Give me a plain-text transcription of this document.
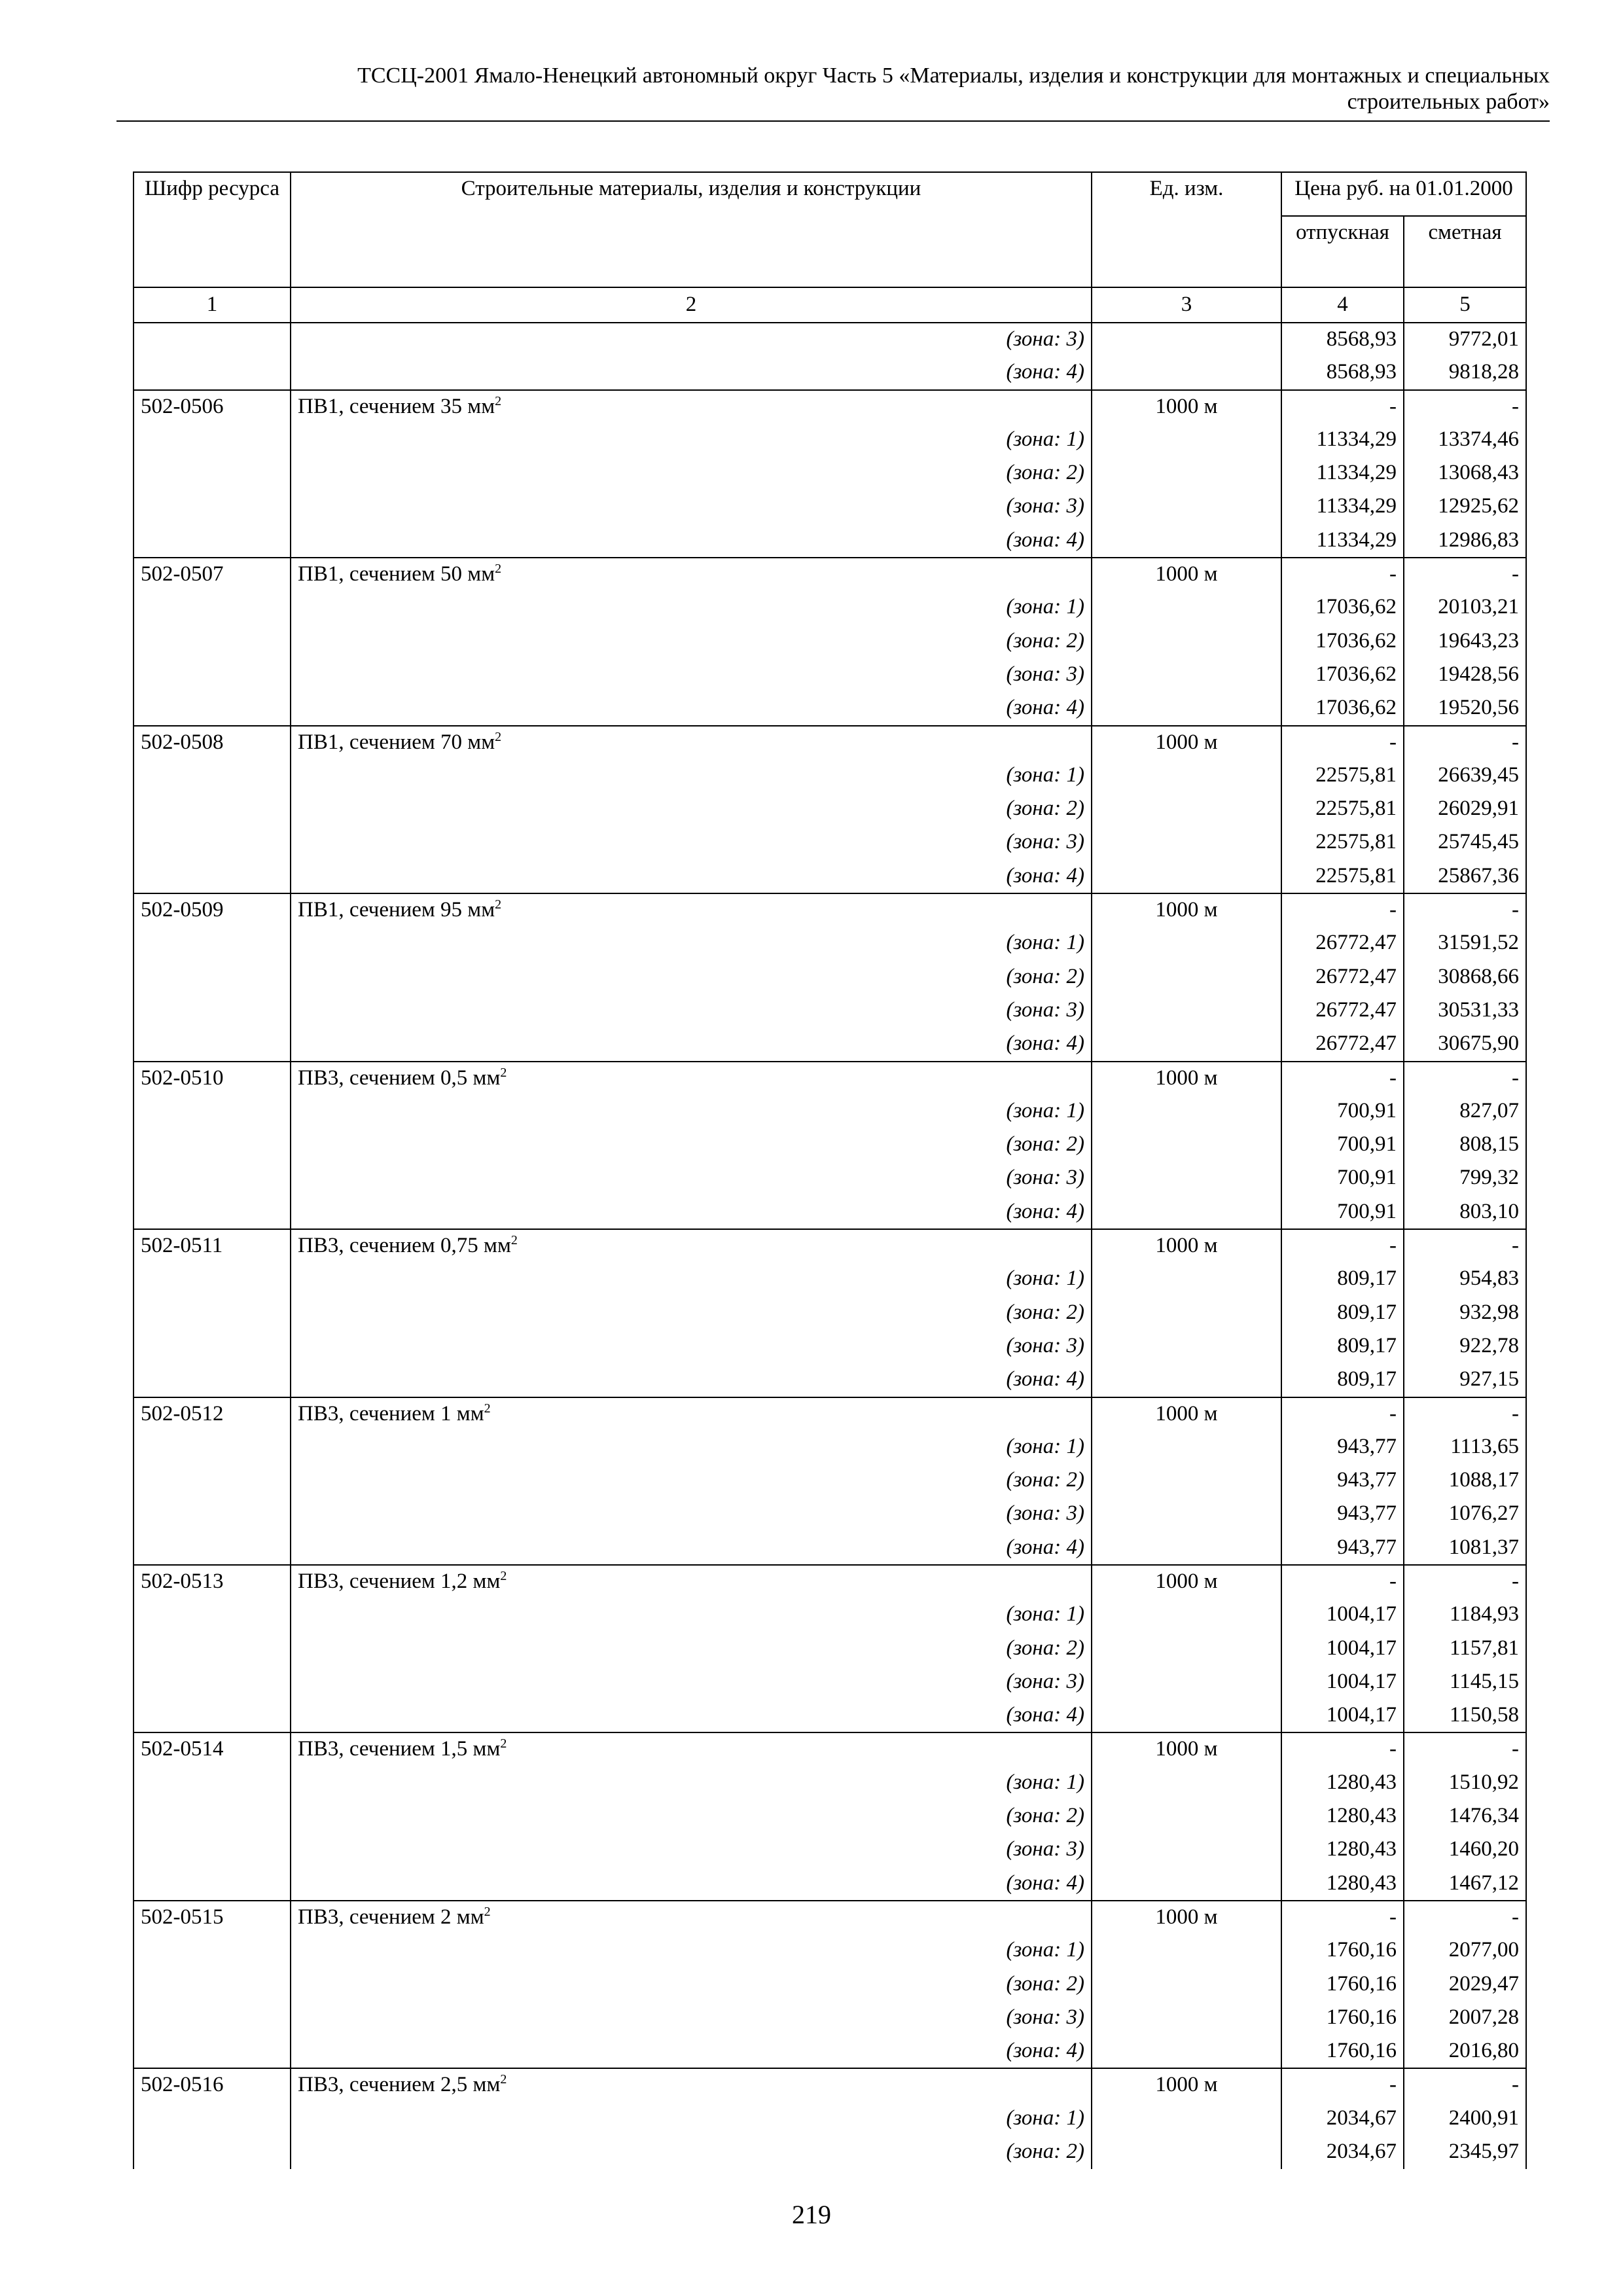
ТССЦ-2001 Ямало-Ненецкий автономный округ Часть 5 «Материалы, изделия и конструкции для монтажных и специальных
строительных работ»
Шифр ресурса	Строительные материалы, изделия и конструкции	Ед. изм.	Цена руб. на 01.01.2000	
			отпускная	сметная
1	2	3	4	5
	(зона: 3)		8568,93	9772,01
	(зона: 4)		8568,93	9818,28
502-0506	ПВ1, сечением 35 $мм^2$	1000 м	-	-
	(зона: 1)		11334,29	13374,46
	(зона: 2)		11334,29	13068,43
	(зона: 3)		11334,29	12925,62
	(зона: 4)		11334,29	12986,83
502-0507	ПВ1, сечением 50 $мм^2$	1000 м	-	-
	(зона: 1)		17036,62	20103,21
	(зона: 2)		17036,62	19643,23
	(зона: 3)		17036,62	19428,56
	(зона: 4)		17036,62	19520,56
502-0508	ПВ1, сечением 70 $мм^2$	1000 м	-	-
	(зона: 1)		22575,81	26639,45
	(зона: 2)		22575,81	26029,91
	(зона: 3)		22575,81	25745,45
	(зона: 4)		22575,81	25867,36
502-0509	ПВ1, сечением 95 $мм^2$	1000 м	-	-
	(зона: 1)		26772,47	31591,52
	(зона: 2)		26772,47	30868,66
	(зона: 3)		26772,47	30531,33
	(зона: 4)		26772,47	30675,90
502-0510	ПВ3, сечением 0,5 $мм^2$	1000 м	-	-
	(зона: 1)		700,91	827,07
	(зона: 2)		700,91	808,15
	(зона: 3)		700,91	799,32
	(зона: 4)		700,91	803,10
502-0511	ПВ3, сечением 0,75 $мм^2$	1000 м	-	-
	(зона: 1)		809,17	954,83
	(зона: 2)		809,17	932,98
	(зона: 3)		809,17	922,78
	(зона: 4)		809,17	927,15
502-0512	ПВ3, сечением 1 $мм^2$	1000 м	-	-
	(зона: 1)		943,77	1113,65
	(зона: 2)		943,77	1088,17
	(зона: 3)		943,77	1076,27
	(зона: 4)		943,77	1081,37
502-0513	ПВ3, сечением 1,2 $мм^2$	1000 м	-	-
	(зона: 1)		1004,17	1184,93
	(зона: 2)		1004,17	1157,81
	(зона: 3)		1004,17	1145,15
	(зона: 4)		1004,17	1150,58
502-0514	ПВ3, сечением 1,5 $мм^2$	1000 м	-	-
	(зона: 1)		1280,43	1510,92
	(зона: 2)		1280,43	1476,34
	(зона: 3)		1280,43	1460,20
	(зона: 4)		1280,43	1467,12
502-0515	ПВ3, сечением 2 $мм^2$	1000 м	-	-
	(зона: 1)		1760,16	2077,00
	(зона: 2)		1760,16	2029,47
	(зона: 3)		1760,16	2007,28
	(зона: 4)		1760,16	2016,80
502-0516	ПВ3, сечением 2,5 $мм^2$	1000 м	-	-
	(зона: 1)		2034,67	2400,91
	(зона: 2)		2034,67	2345,97
219
